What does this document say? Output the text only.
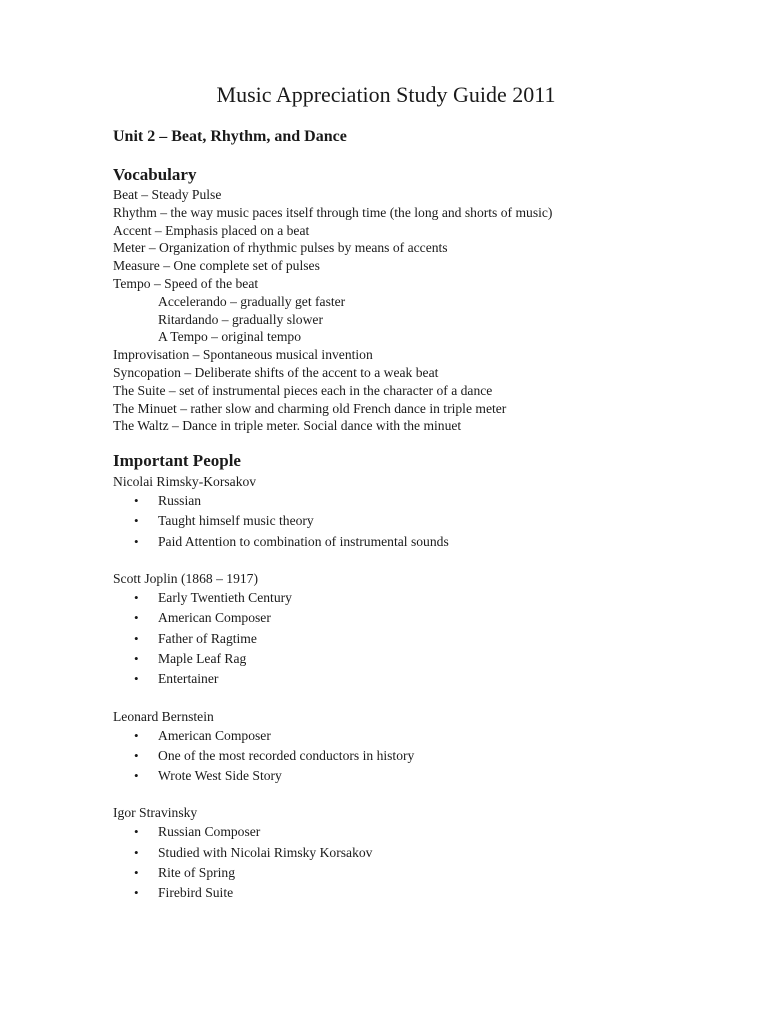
Music Appreciation Study Guide 2011
Unit 2 – Beat, Rhythm, and Dance
Vocabulary
Beat – Steady Pulse
Rhythm – the way music paces itself through time (the long and shorts of music)
Accent – Emphasis placed on a beat
Meter – Organization of rhythmic pulses by means of accents
Measure – One complete set of pulses
Tempo – Speed of the beat
Accelerando – gradually get faster
Ritardando – gradually slower
A Tempo – original tempo
Improvisation – Spontaneous musical invention
Syncopation – Deliberate shifts of the accent to a weak beat
The Suite – set of instrumental pieces each in the character of a dance
The Minuet – rather slow and charming old French dance in triple meter
The Waltz – Dance in triple meter. Social dance with the minuet
Important People
Nicolai Rimsky-Korsakov
• Russian
• Taught himself music theory
• Paid Attention to combination of instrumental sounds
Scott Joplin (1868 – 1917)
• Early Twentieth Century
• American Composer
• Father of Ragtime
• Maple Leaf Rag
• Entertainer
Leonard Bernstein
• American Composer
• One of the most recorded conductors in history
• Wrote West Side Story
Igor Stravinsky
• Russian Composer
• Studied with Nicolai Rimsky Korsakov
• Rite of Spring
• Firebird Suite
